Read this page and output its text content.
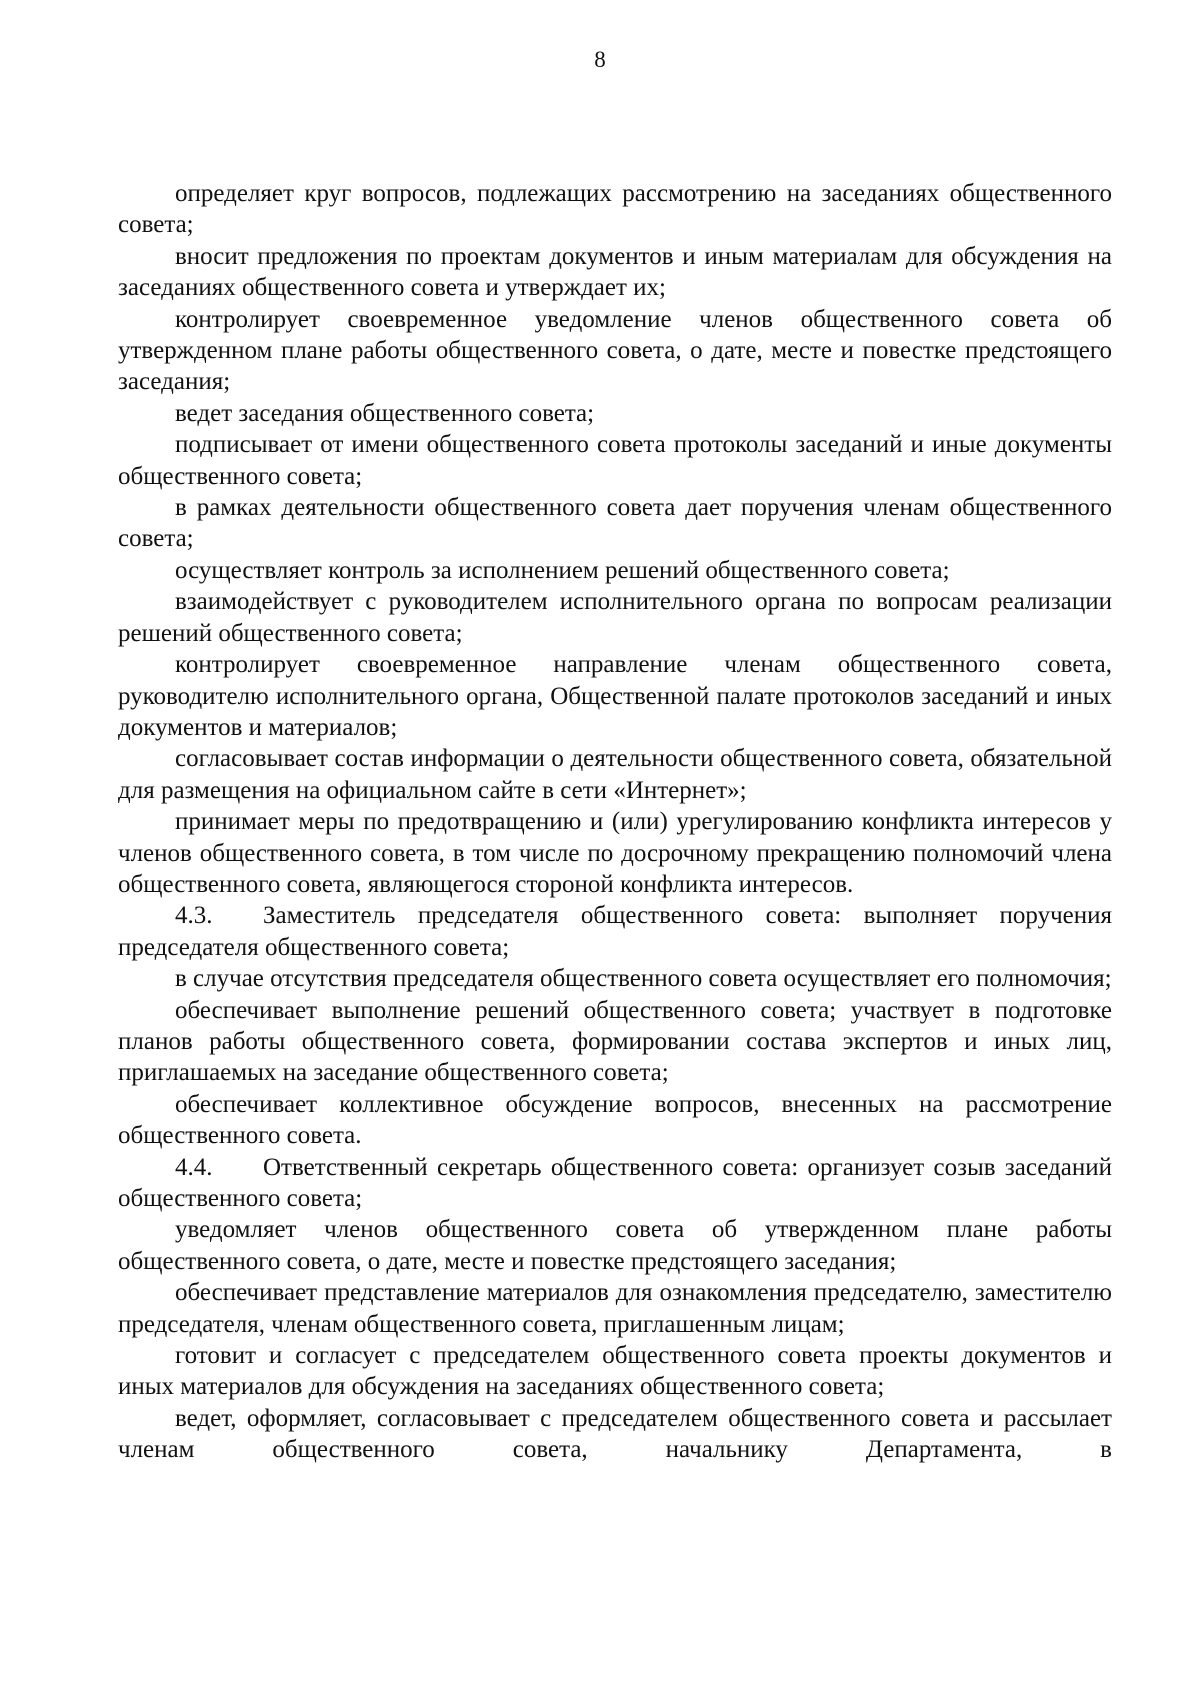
8

определяет круг вопросов, подлежащих рассмотрению на заседаниях общественного совета;

вносит предложения по проектам документов и иным материалам для обсуждения на заседаниях общественного совета и утверждает их;

контролирует своевременное уведомление членов общественного совета об утвержденном плане работы общественного совета, о дате, месте и повестке предстоящего заседания;

ведет заседания общественного совета;

подписывает от имени общественного совета протоколы заседаний и иные документы общественного совета;

в рамках деятельности общественного совета дает поручения членам общественного совета;

осуществляет контроль за исполнением решений общественного совета;

взаимодействует с руководителем исполнительного органа по вопросам реализации решений общественного совета;

контролирует своевременное направление членам общественного совета, руководителю исполнительного органа, Общественной палате протоколов заседаний и иных документов и материалов;

согласовывает состав информации о деятельности общественного совета, обязательной для размещения на официальном сайте в сети «Интернет»;

принимает меры по предотвращению и (или) урегулированию конфликта интересов у членов общественного совета, в том числе по досрочному прекращению полномочий члена общественного совета, являющегося стороной конфликта интересов.

4.3. Заместитель председателя общественного совета: выполняет поручения председателя общественного совета;

в случае отсутствия председателя общественного совета осуществляет его полномочия;

обеспечивает выполнение решений общественного совета; участвует в подготовке планов работы общественного совета, формировании состава экспертов и иных лиц, приглашаемых на заседание общественного совета;

обеспечивает коллективное обсуждение вопросов, внесенных на рассмотрение общественного совета.

4.4. Ответственный секретарь общественного совета: организует созыв заседаний общественного совета;

уведомляет членов общественного совета об утвержденном плане работы общественного совета, о дате, месте и повестке предстоящего заседания;

обеспечивает представление материалов для ознакомления председателю, заместителю председателя, членам общественного совета, приглашенным лицам;

готовит и согласует с председателем общественного совета проекты документов и иных материалов для обсуждения на заседаниях общественного совета;

ведет, оформляет, согласовывает с председателем общественного совета и рассылает членам общественного совета, начальнику Департамента, в
